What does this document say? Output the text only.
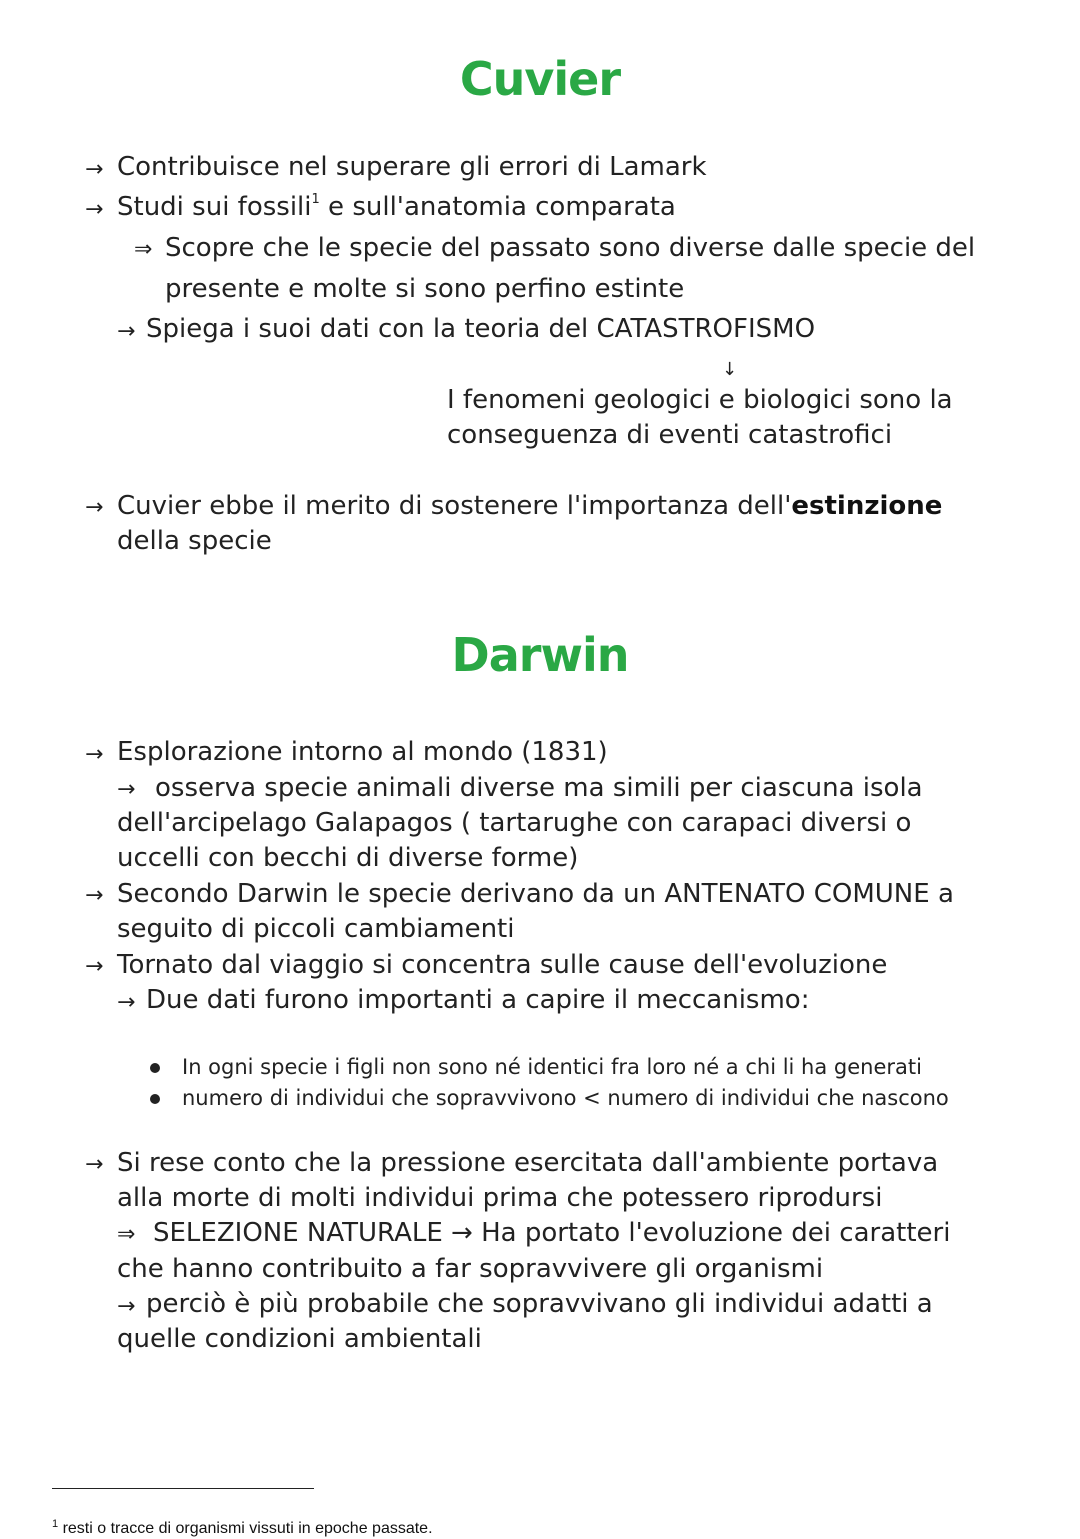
Cuvier
→ Contribuisce nel superare gli errori di Lamark

→ Studi sui fossili$^1$ e sull'anatomia comparata

⇒ Scopre che le specie del passato sono diverse dalle specie del

presente e molte si sono perfino estinte

→ Spiega i suoi dati con la teoria del CATASTROFISMO

↓

I fenomeni geologici e biologici sono la

conseguenza di eventi catastrofici

→ Cuvier ebbe il merito di sostenere l'importanza dell'estinzione

della specie

Darwin
→ Esplorazione intorno al mondo (1831)

→ osserva specie animali diverse ma simili per ciascuna isola

dell'arcipelago Galapagos ( tartarughe con carapaci diversi o

uccelli con becchi di diverse forme)

→ Secondo Darwin le specie derivano da un ANTENATO COMUNE a

seguito di piccoli cambiamenti

→ Tornato dal viaggio si concentra sulle cause dell'evoluzione

→ Due dati furono importanti a capire il meccanismo:

In ogni specie i figli non sono né identici fra loro né a chi li ha generati

numero di individui che sopravvivono < numero di individui che nascono

→ Si rese conto che la pressione esercitata dall'ambiente portava

alla morte di molti individui prima che potessero riprodursi

⇒ SELEZIONE NATURALE → Ha portato l'evoluzione dei caratteri

che hanno contribuito a far sopravvivere gli organismi

→ perciò è più probabile che sopravvivano gli individui adatti a

quelle condizioni ambientali

$^1$ resti o tracce di organismi vissuti in epoche passate.
